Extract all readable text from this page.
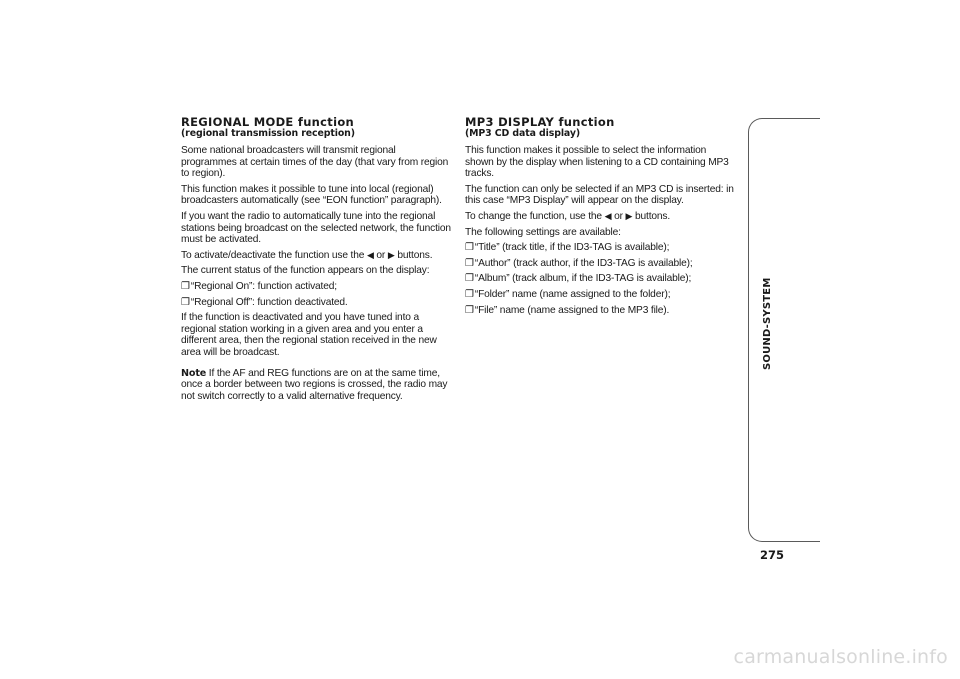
REGIONAL MODE function
(regional transmission reception)

Some national broadcasters will transmit regional programmes at certain times of the day (that vary from region to region).

This function makes it possible to tune into local (regional) broadcasters automatically (see “EON function” paragraph).

If you want the radio to automatically tune into the regional stations being broadcast on the selected network, the function must be activated.

To activate/deactivate the function use the ◀ or ▶ buttons.

The current status of the function appears on the display:

❐“Regional On”: function activated;
❐“Regional Off”: function deactivated.

If the function is deactivated and you have tuned into a regional station working in a given area and you enter a different area, then the regional station received in the new area will be broadcast.

Note If the AF and REG functions are on at the same time, once a border between two regions is crossed, the radio may not switch correctly to a valid alternative frequency.

MP3 DISPLAY function
(MP3 CD data display)

This function makes it possible to select the information shown by the display when listening to a CD containing MP3 tracks.

The function can only be selected if an MP3 CD is inserted: in this case “MP3 Display” will appear on the display.

To change the function, use the ◀ or ▶ buttons.

The following settings are available:

❐“Title” (track title, if the ID3-TAG is available);
❐“Author” (track author, if the ID3-TAG is available);
❐“Album” (track album, if the ID3-TAG is available);
❐“Folder” name (name assigned to the folder);
❐“File” name (name assigned to the MP3 file).	SOUND-SYSTEM
275
carmanualsonline.info
